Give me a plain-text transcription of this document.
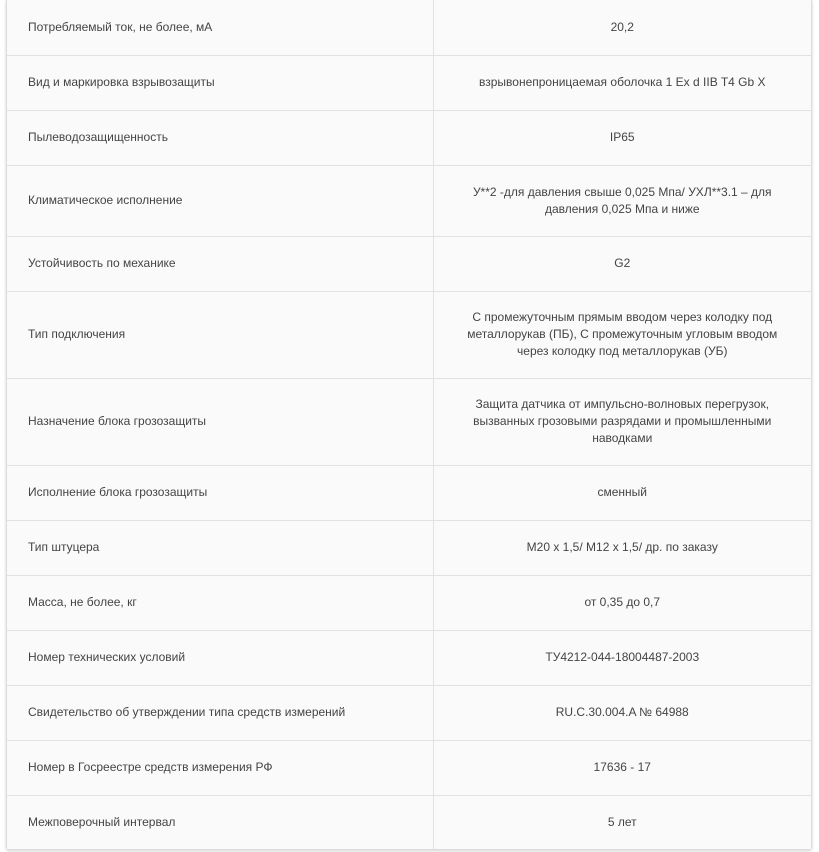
Потребляемый ток, не более, мА	20,2
Вид и маркировка взрывозащиты	взрывонепроницаемая оболочка 1 Ex d IIB T4 Gb X
Пылеводозащищенность	IP65
Климатическое исполнение	У**2 -для давления свыше 0,025 Мпа/ УХЛ**3.1 – для давления 0,025 Мпа и ниже
Устойчивость по механике	G2
Тип подключения	С промежуточным прямым вводом через колодку под металлорукав (ПБ), С промежуточным угловым вводом через колодку под металлорукав (УБ)
Назначение блока грозозащиты	Защита датчика от импульсно-волновых перегрузок, вызванных грозовыми разрядами и промышленными наводками
Исполнение блока грозозащиты	сменный
Тип штуцера	М20 х 1,5/ М12 х 1,5/ др. по заказу
Масса, не более, кг	от 0,35 до 0,7
Номер технических условий	ТУ4212-044-18004487-2003
Свидетельство об утверждении типа средств измерений	RU.C.30.004.A № 64988
Номер в Госреестре средств измерения РФ	17636 - 17
Межповерочный интервал	5 лет
